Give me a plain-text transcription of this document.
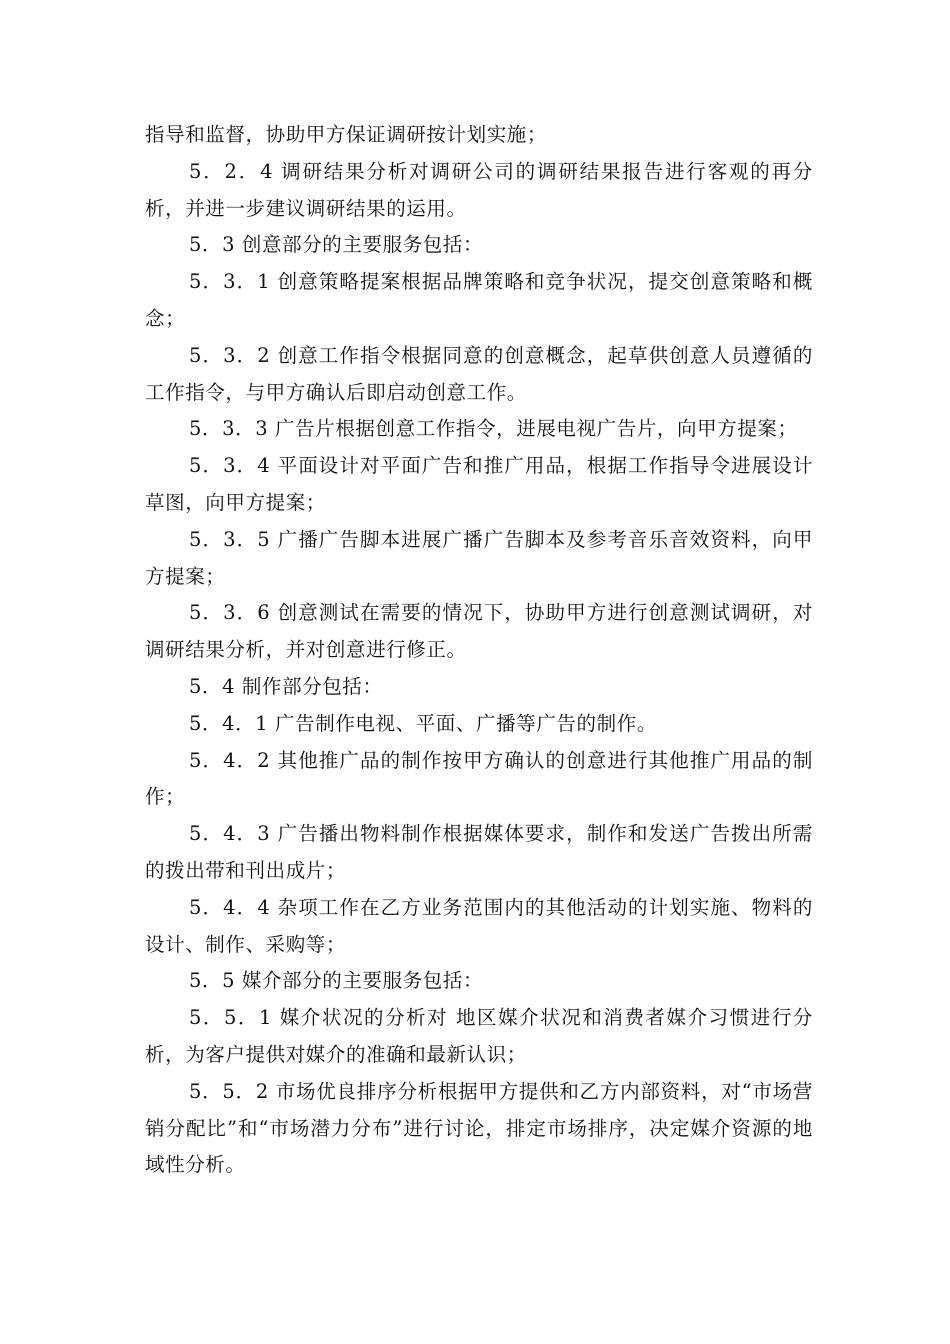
指导和监督，协助甲方保证调研按计划实施；

5．2．4 调研结果分析对调研公司的调研结果报告进行客观的再分析，并进一步建议调研结果的运用。

5．3 创意部分的主要服务包括：

5．3．1 创意策略提案根据品牌策略和竞争状况，提交创意策略和概念；

5．3．2 创意工作指令根据同意的创意概念，起草供创意人员遵循的工作指令，与甲方确认后即启动创意工作。

5．3．3 广告片根据创意工作指令，进展电视广告片，向甲方提案；

5．3．4 平面设计对平面广告和推广用品，根据工作指导令进展设计草图，向甲方提案；

5．3．5 广播广告脚本进展广播广告脚本及参考音乐音效资料，向甲方提案；

5．3．6 创意测试在需要的情况下，协助甲方进行创意测试调研，对调研结果分析，并对创意进行修正。

5．4 制作部分包括：

5．4．1 广告制作电视、平面、广播等广告的制作。

5．4．2 其他推广品的制作按甲方确认的创意进行其他推广用品的制作；

5．4．3 广告播出物料制作根据媒体要求，制作和发送广告拨出所需的拨出带和刊出成片；

5．4．4 杂项工作在乙方业务范围内的其他活动的计划实施、物料的设计、制作、采购等；

5．5 媒介部分的主要服务包括：

5．5．1 媒介状况的分析对 地区媒介状况和消费者媒介习惯进行分析，为客户提供对媒介的准确和最新认识；

5．5．2 市场优良排序分析根据甲方提供和乙方内部资料，对“市场营销分配比”和“市场潜力分布”进行讨论，排定市场排序，决定媒介资源的地域性分析。
